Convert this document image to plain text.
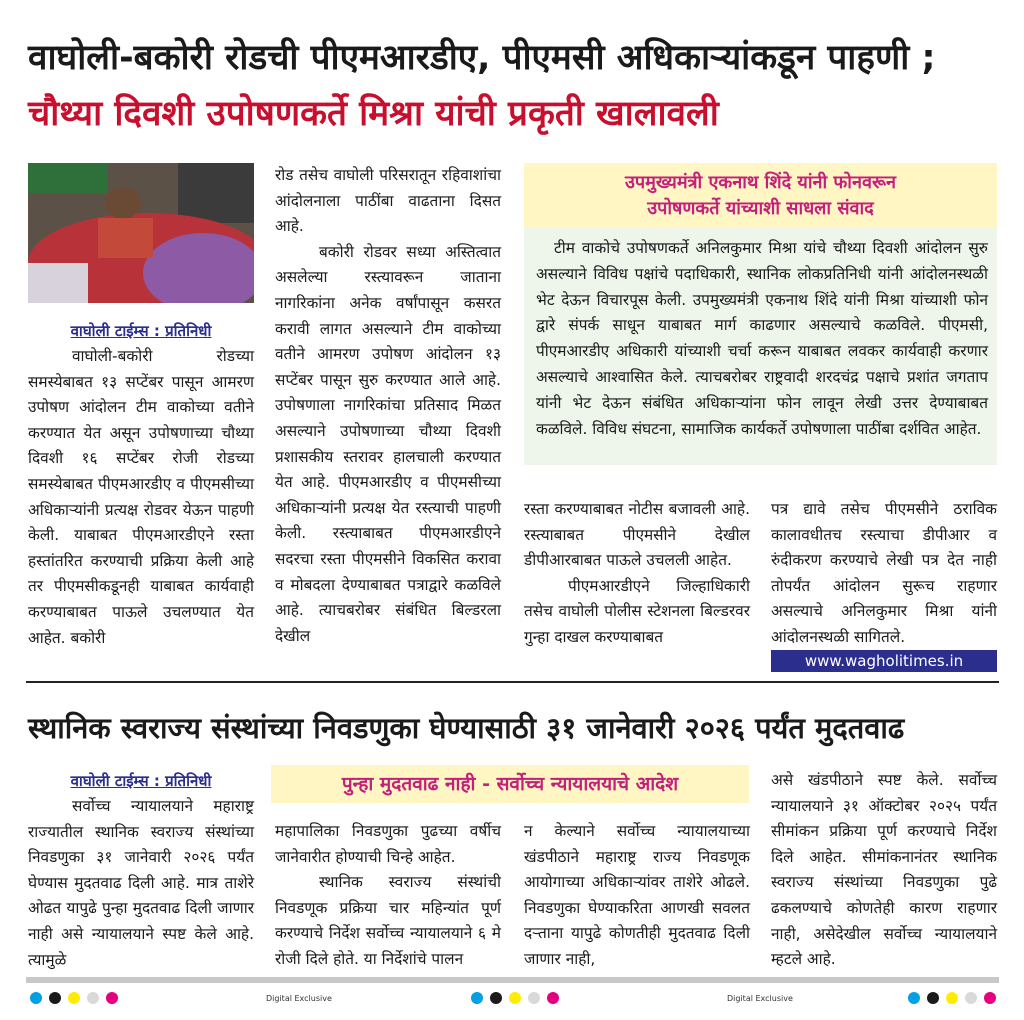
वाघोली-बकोरी रोडची पीएमआरडीए, पीएमसी अधिकाऱ्यांकडून पाहणी ; चौथ्या दिवशी उपोषणकर्ते मिश्रा यांची प्रकृती खालावली
वाघोली टाईम्स : प्रतिनिधी

वाघोली-बकोरी रोडच्या समस्येबाबत १३ सप्टेंबर पासून आमरण उपोषण आंदोलन टीम वाकोच्या वतीने करण्यात येत असून उपोषणाच्या चौथ्या दिवशी १६ सप्टेंबर रोजी रोडच्या समस्येबाबत पीएमआरडीए व पीएमसीच्या अधिकाऱ्यांनी प्रत्यक्ष रोडवर येऊन पाहणी केली. याबाबत पीएमआरडीएने रस्ता हस्तांतरित करण्याची प्रक्रिया केली आहे तर पीएमसीकडूनही याबाबत कार्यवाही करण्याबाबत पाऊले उचलण्यात येत आहेत. बकोरी

रोड तसेच वाघोली परिसरातून रहिवाशांचा आंदोलनाला पाठींबा वाढताना दिसत आहे.

बकोरी रोडवर सध्या अस्तित्वात असलेल्या रस्त्यावरून जाताना नागरिकांना अनेक वर्षांपासून कसरत करावी लागत असल्याने टीम वाकोच्या वतीने आमरण उपोषण आंदोलन १३ सप्टेंबर पासून सुरु करण्यात आले आहे. उपोषणाला नागरिकांचा प्रतिसाद मिळत असल्याने उपोषणाच्या चौथ्या दिवशी प्रशासकीय स्तरावर हालचाली करण्यात येत आहे. पीएमआरडीए व पीएमसीच्या अधिकाऱ्यांनी प्रत्यक्ष येत रस्त्याची पाहणी केली. रस्त्याबाबत पीएमआरडीएने सदरचा रस्ता पीएमसीने विकसित करावा व मोबदला देण्याबाबत पत्राद्वारे कळविले आहे. त्याचबरोबर संबंधित बिल्डरला देखील

उपमुख्यमंत्री एकनाथ शिंदे यांनी फोनवरून
उपोषणकर्ते यांच्याशी साधला संवाद
टीम वाकोचे उपोषणकर्ते अनिलकुमार मिश्रा यांचे चौथ्या दिवशी आंदोलन सुरु असल्याने विविध पक्षांचे पदाधिकारी, स्थानिक लोकप्रतिनिधी यांनी आंदोलनस्थळी भेट देऊन विचारपूस केली. उपमुख्यमंत्री एकनाथ शिंदे यांनी मिश्रा यांच्याशी फोन द्वारे संपर्क साधून याबाबत मार्ग काढणार असल्याचे कळविले. पीएमसी, पीएमआरडीए अधिकारी यांच्याशी चर्चा करून याबाबत लवकर कार्यवाही करणार असल्याचे आश्वासित केले. त्याचबरोबर राष्ट्रवादी शरदचंद्र पक्षाचे प्रशांत जगताप यांनी भेट देऊन संबंधित अधिकाऱ्यांना फोन लावून लेखी उत्तर देण्याबाबत कळविले. विविध संघटना, सामाजिक कार्यकर्ते उपोषणाला पाठींबा दर्शवित आहेत.

रस्ता करण्याबाबत नोटीस बजावली आहे. रस्त्याबाबत पीएमसीने देखील डीपीआरबाबत पाऊले उचलली आहेत.

पीएमआरडीएने जिल्हाधिकारी तसेच वाघोली पोलीस स्टेशनला बिल्डरवर गुन्हा दाखल करण्याबाबत

पत्र द्यावे तसेच पीएमसीने ठराविक कालावधीतच रस्त्याचा डीपीआर व रुंदीकरण करण्याचे लेखी पत्र देत नाही तोपर्यंत आंदोलन सुरूच राहणार असल्याचे अनिलकुमार मिश्रा यांनी आंदोलनस्थळी सागितले.

www.wagholitimes.in
स्थानिक स्वराज्य संस्थांच्या निवडणुका घेण्यासाठी ३१ जानेवारी २०२६ पर्यंत मुदतवाढ
वाघोली टाईम्स : प्रतिनिधी

सर्वोच्च न्यायालयाने महाराष्ट्र राज्यातील स्थानिक स्वराज्य संस्थांच्या निवडणुका ३१ जानेवारी २०२६ पर्यंत घेण्यास मुदतवाढ दिली आहे. मात्र ताशेरे ओढत यापुढे पुन्हा मुदतवाढ दिली जाणार नाही असे न्यायालयाने स्पष्ट केले आहे. त्यामुळे

पुन्हा मुदतवाढ नाही - सर्वोच्च न्यायालयाचे आदेश

महापालिका निवडणुका पुढच्या वर्षीच जानेवारीत होण्याची चिन्हे आहेत.

स्थानिक स्वराज्य संस्थांची निवडणूक प्रक्रिया चार महिन्यांत पूर्ण करण्याचे निर्देश सर्वोच्च न्यायालयाने ६ मे रोजी दिले होते. या निर्देशांचे पालन

न केल्याने सर्वोच्च न्यायालयाच्या खंडपीठाने महाराष्ट्र राज्य निवडणूक आयोगाच्या अधिकाऱ्यांवर ताशेरे ओढले. निवडणुका घेण्याकरिता आणखी सवलत दऱ्ताना यापुढे कोणतीही मुदतवाढ दिली जाणार नाही,

असे खंडपीठाने स्पष्ट केले. सर्वोच्च न्यायालयाने ३१ ऑक्टोबर २०२५ पर्यंत सीमांकन प्रक्रिया पूर्ण करण्याचे निर्देश दिले आहेत. सीमांकनानंतर स्थानिक स्वराज्य संस्थांच्या निवडणुका पुढे ढकलण्याचे कोणतेही कारण राहणार नाही, असेदेखील सर्वोच्च न्यायालयाने म्हटले आहे.

Digital Exclusive	Digital Exclusive
